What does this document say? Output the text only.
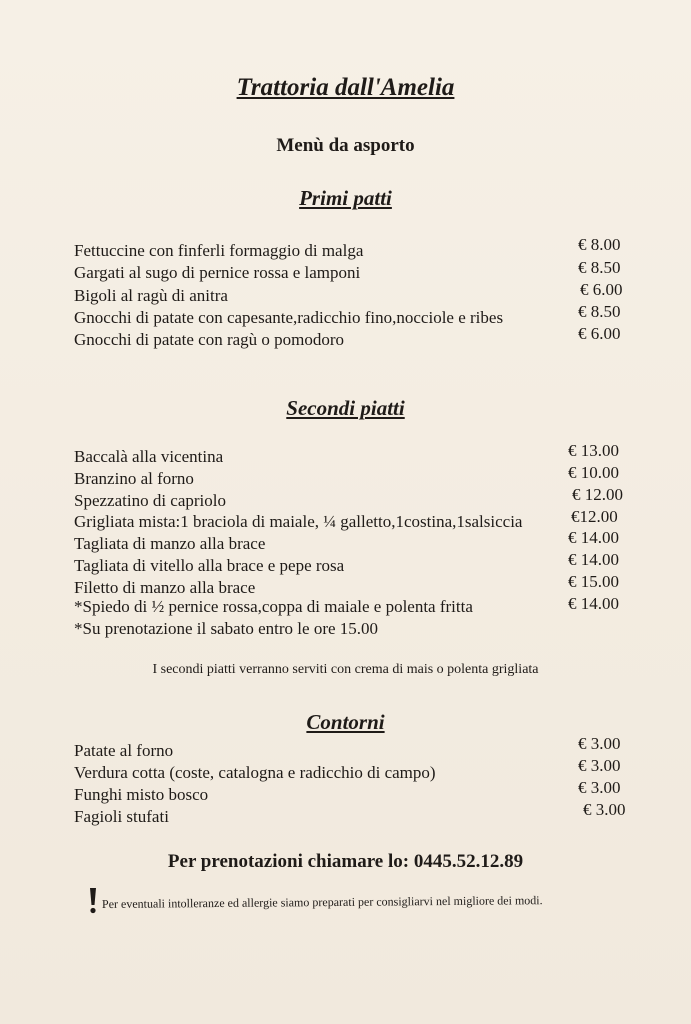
Trattoria dall'Amelia
Menù da asporto
Primi patti
Fettuccine con finferli formaggio di malga	€ 8.00
Gargati al sugo di pernice rossa e lamponi	€ 8.50
Bigoli al ragù di anitra	€ 6.00
Gnocchi di patate con capesante,radicchio fino,nocciole e ribes	€ 8.50
Gnocchi di patate con ragù o pomodoro	€ 6.00
Secondi piatti
Baccalà alla vicentina	€ 13.00
Branzino al forno	€ 10.00
Spezzatino di capriolo	€ 12.00
Grigliata mista:1 braciola di maiale, ¼ galletto,1costina,1salsiccia	€12.00
Tagliata di manzo alla brace	€ 14.00
Tagliata di vitello alla brace e pepe rosa	€ 14.00
Filetto di manzo alla brace	€ 15.00
*Spiedo di ½ pernice rossa,coppa di maiale e polenta fritta	€ 14.00
*Su prenotazione il sabato entro le ore 15.00
I secondi piatti verranno serviti con crema di mais o polenta grigliata
Contorni
Patate al forno	€ 3.00
Verdura cotta (coste, catalogna e radicchio di campo)	€ 3.00
Funghi misto bosco	€ 3.00
Fagioli stufati	€ 3.00
Per prenotazioni chiamare lo: 0445.52.12.89
Per eventuali intolleranze ed allergie siamo preparati per consigliarvi nel migliore dei modi.
